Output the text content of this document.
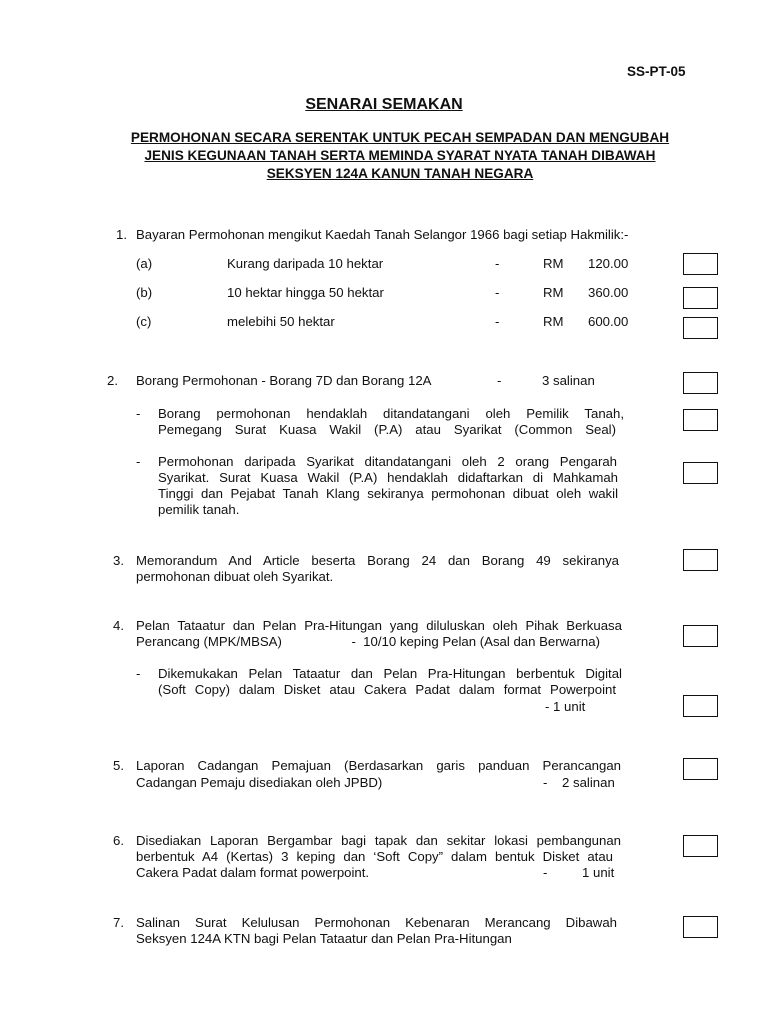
SS-PT-05
SENARAI SEMAKAN
PERMOHONAN SECARA SERENTAK UNTUK PECAH SEMPADAN DAN MENGUBAH
JENIS KEGUNAAN TANAH SERTA MEMINDA SYARAT NYATA TANAH DIBAWAH
SEKSYEN 124A KANUN TANAH NEGARA
1. Bayaran Permohonan mengikut Kaedah Tanah Selangor 1966 bagi setiap Hakmilik:-
(a)	Kurang daripada 10 hektar	-	RM 120.00
(b)	10 hektar hingga 50 hektar	-	RM 360.00
(c)	melebihi 50 hektar	-	RM 600.00
2. Borang Permohonan - Borang 7D dan Borang 12A	-	3 salinan
- Borang permohonan hendaklah ditandatangani oleh Pemilik Tanah,
Pemegang Surat Kuasa Wakil (P.A) atau Syarikat (Common Seal)
- Permohonan daripada Syarikat ditandatangani oleh 2 orang Pengarah
Syarikat. Surat Kuasa Wakil (P.A) hendaklah didaftarkan di Mahkamah
Tinggi dan Pejabat Tanah Klang sekiranya permohonan dibuat oleh wakil
pemilik tanah.
3. Memorandum And Article beserta Borang 24 dan Borang 49 sekiranya
permohonan dibuat oleh Syarikat.
4. Pelan Tataatur dan Pelan Pra-Hitungan yang diluluskan oleh Pihak Berkuasa
Perancang (MPK/MBSA)                   -  10/10 keping Pelan (Asal dan Berwarna)
- Dikemukakan Pelan Tataatur dan Pelan Pra-Hitungan berbentuk Digital
(Soft Copy) dalam Disket atau Cakera Padat dalam format Powerpoint
- 1 unit
5. Laporan Cadangan Pemajuan (Berdasarkan garis panduan Perancangan
Cadangan Pemaju disediakan oleh JPBD)	- 2 salinan
6. Disediakan Laporan Bergambar bagi tapak dan sekitar lokasi pembangunan
berbentuk A4 (Kertas) 3 keping dan ‘Soft Copy” dalam bentuk Disket atau
Cakera Padat dalam format powerpoint.	-	1 unit
7. Salinan Surat Kelulusan Permohonan Kebenaran Merancang Dibawah
Seksyen 124A KTN bagi Pelan Tataatur dan Pelan Pra-Hitungan
